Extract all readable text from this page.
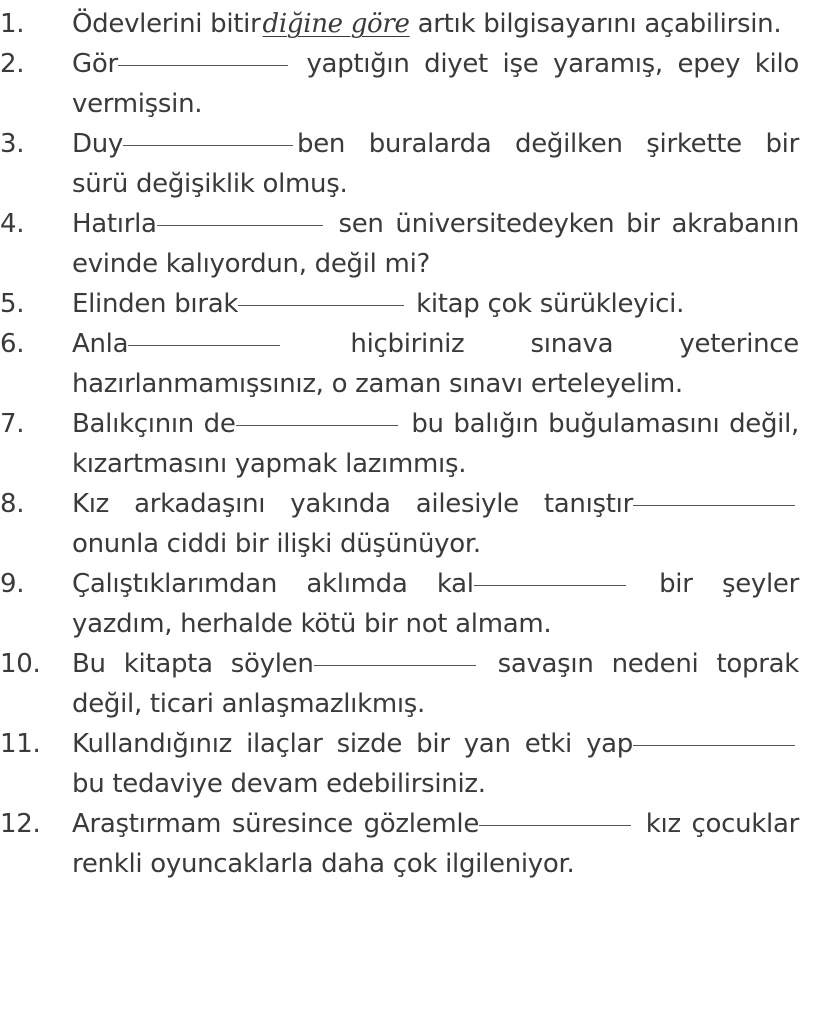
1.	Ödevlerini bitirdiğine göre artık bilgisayarını açabilirsin.
2.	Gör	yaptığın diyet işe yaramış, epey kilo vermişsin.
3.	Duy	ben buralarda değilken şirkette bir sürü değişiklik olmuş.
4.	Hatırla	sen üniversitedeyken bir akrabanın evinde kalıyordun, değil mi?
5.	Elinden bırak	kitap çok sürükleyici.
6.	Anla	hiçbiriniz sınava yeterince hazırlanmamışsınız, o zaman sınavı erteleyelim.
7.	Balıkçının de	bu balığın buğulamasını değil, kızartmasını yapmak lazımmış.
8.	Kız arkadaşını yakında ailesiyle tanıştır onunla ciddi bir ilişki düşünüyor.
9.	Çalıştıklarımdan aklımda kal	bir şeyler yazdım, herhalde kötü bir not almam.
10.	Bu kitapta söylen	savaşın nedeni toprak değil, ticari anlaşmazlıkmış.
11.	Kullandığınız ilaçlar sizde bir yan etki yap bu tedaviye devam edebilirsiniz.
12.	Araştırmam süresince gözlemle	kız çocuklar renkli oyuncaklarla daha çok ilgileniyor.
